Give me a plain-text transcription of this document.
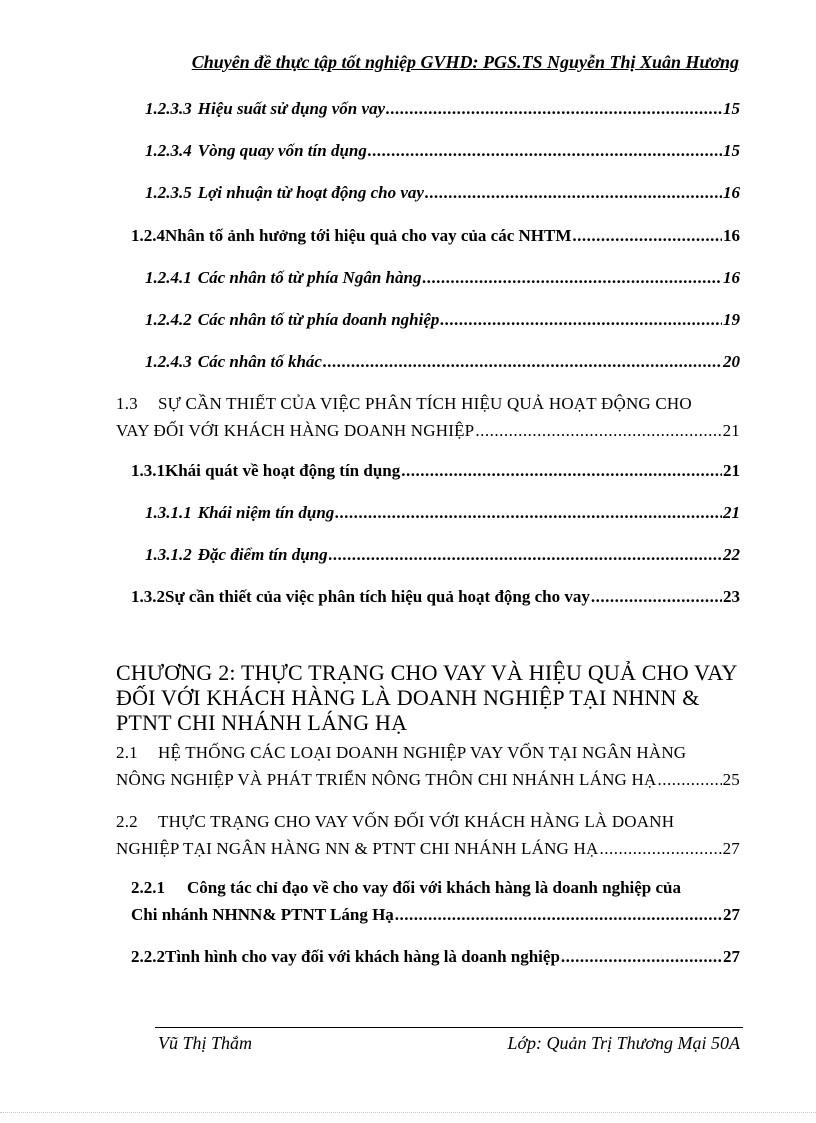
Chuyên đề thực tập tốt nghiệp GVHD: PGS.TS Nguyễn Thị Xuân Hương
1.2.3.3 Hiệu suất sử dụng vốn vay .....	15
1.2.3.4 Vòng quay vốn tín dụng .....	15
1.2.3.5 Lợi nhuận từ hoạt động cho vay .....	16
1.2.4 Nhân tố ảnh hưởng tới hiệu quả cho vay của các NHTM .....	16
1.2.4.1 Các nhân tố từ phía Ngân hàng .....	16
1.2.4.2 Các nhân tố từ phía doanh nghiệp .....	19
1.2.4.3 Các nhân tố khác .....	20
1.3 SỰ CẦN THIẾT CỦA VIỆC PHÂN TÍCH HIỆU QUẢ HOẠT ĐỘNG CHO
VAY ĐỐI VỚI KHÁCH HÀNG DOANH NGHIỆP .....	21
1.3.1 Khái quát về hoạt động tín dụng .....	21
1.3.1.1 Khái niệm tín dụng .....	21
1.3.1.2 Đặc điểm tín dụng .....	22
1.3.2 Sự cần thiết của việc phân tích hiệu quả hoạt động cho vay .....	23
CHƯƠNG 2: THỰC TRẠNG CHO VAY VÀ HIỆU QUẢ CHO VAY ĐỐI VỚI KHÁCH HÀNG LÀ DOANH NGHIỆP TẠI NHNN & PTNT CHI NHÁNH LÁNG HẠ
2.1 HỆ THỐNG CÁC LOẠI DOANH NGHIỆP VAY VỐN TẠI NGÂN HÀNG
NÔNG NGHIỆP VÀ PHÁT TRIỂN NÔNG THÔN CHI NHÁNH LÁNG HẠ .....	25
2.2 THỰC TRẠNG CHO VAY VỐN ĐỐI VỚI KHÁCH HÀNG LÀ DOANH
NGHIỆP TẠI NGÂN HÀNG NN & PTNT CHI NHÁNH LÁNG HẠ .....	27
2.2.1 Công tác chỉ đạo về cho vay đối với khách hàng là doanh nghiệp của
Chi nhánh NHNN& PTNT Láng Hạ .....	27
2.2.2 Tình hình cho vay đối với khách hàng là doanh nghiệp .....	27
Vũ Thị Thắm	Lớp: Quản Trị Thương Mại 50A
